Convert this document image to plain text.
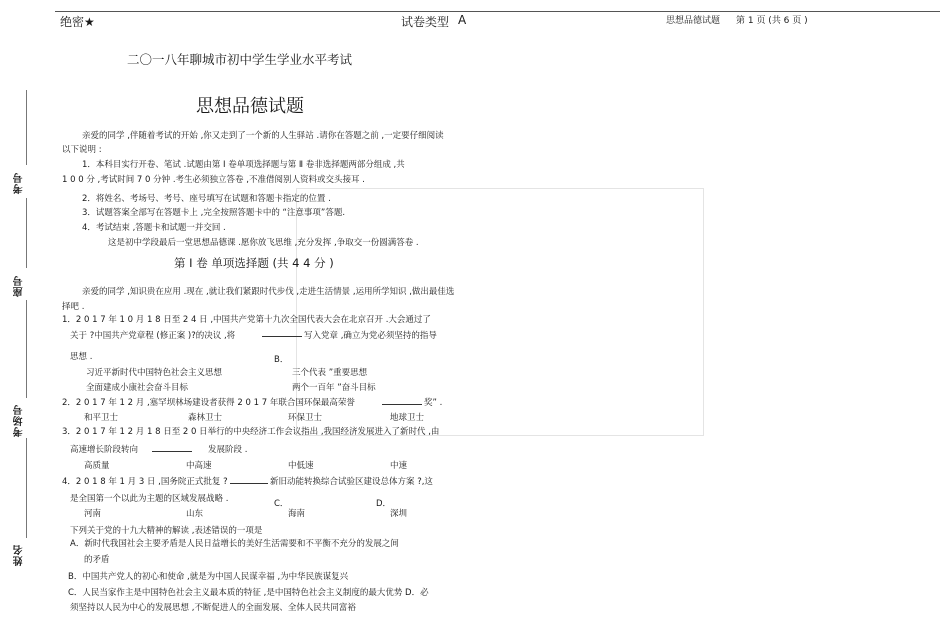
绝密★	试卷类型 A	思想品德试题 第 1 页 (共 6 页 )
考号
座号
考场号
姓名
二〇一八年聊城市初中学生学业水平考试
思想品德试题
亲爱的同学 ,伴随着考试的开始 ,你又走到了一个新的人生驿站 .请你在答题之前 ,一定要仔细阅读
以下说明 :
1．本科目实行开卷、笔试 .试题由第 Ⅰ 卷单项选择题与第 Ⅱ 卷非选择题两部分组成 ,共
1 0 0 分 ,考试时间 7 0 分钟 .考生必须独立答卷 ,不准借阅别人资料或交头接耳 .
2．将姓名、考场号、考号、座号填写在试题和答题卡指定的位置 .
3．试题答案全部写在答题卡上 ,完全按照答题卡中的 “注意事项”答题.
4．考试结束 ,答题卡和试题一并交回 .
这是初中学段最后一堂思想品德课 .愿你放飞思维 ,充分发挥 ,争取交一份圆满答卷 .
第 Ⅰ 卷 单项选择题 (共 4 4 分 )
亲爱的同学 ,知识贵在应用 .现在 ,就让我们紧跟时代步伐 ,走进生活情景 ,运用所学知识 ,做出最佳选
择吧 .
1．2 0 1 7 年 1 0 月 1 8 日至 2 4 日 ,中国共产党第十九次全国代表大会在北京召开 .大会通过了
关于 ?中国共产党章程 (修正案 )?的决议 ,将	写入党章 ,确立为党必须坚持的指导
思想 .	B．
习近平新时代中国特色社会主义思想	三个代表 ”重要思想
全面建成小康社会奋斗目标	两个一百年 ”奋斗目标
2．2 0 1 7 年 1 2 月 ,塞罕坝林场建设者获得 2 0 1 7 年联合国环保最高荣誉	奖” .
和平卫士	森林卫士	环保卫士	地球卫士
3．2 0 1 7 年 1 2 月 1 8 日至 2 0 日举行的中央经济工作会议指出 ,我国经济发展进入了新时代 ,由
高速增长阶段转向	发展阶段 .
高质量	中高速	中低速	中速
4．2 0 1 8 年 1 月 3 日 ,国务院正式批复 ?	新旧动能转换综合试验区建设总体方案 ?,这
是全国第一个以此为主题的区域发展战略 .	C．	D．
河南	山东	海南	深圳
下列关于党的十九大精神的解读 ,表述错误的一项是
A．新时代我国社会主要矛盾是人民日益增长的美好生活需要和不平衡不充分的发展之间
的矛盾
B．中国共产党人的初心和使命 ,就是为中国人民谋幸福 ,为中华民族谋复兴
C．人民当家作主是中国特色社会主义最本质的特征 ,是中国特色社会主义制度的最大优势 D．必
须坚持以人民为中心的发展思想 ,不断促进人的全面发展、全体人民共同富裕
